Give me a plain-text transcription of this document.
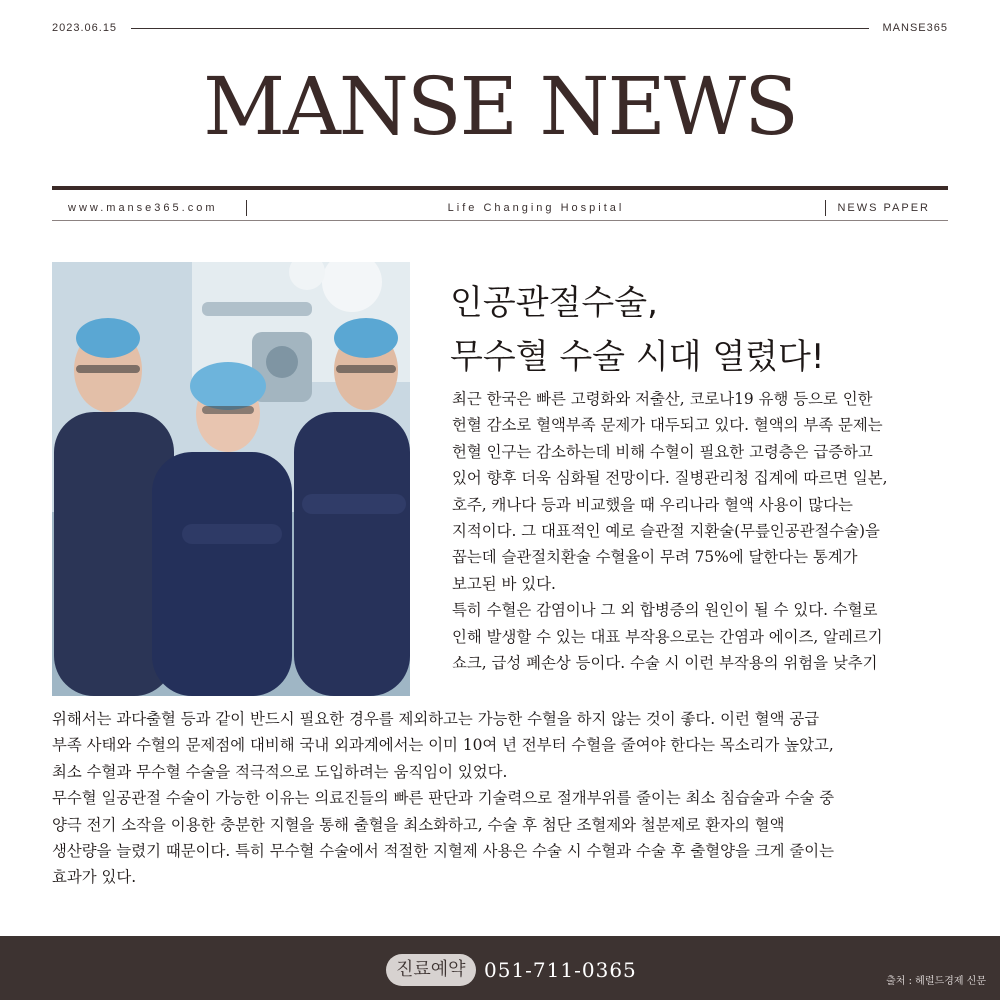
2023.06.15	MANSE365
MANSE NEWS
www.manse365.com	Life Changing Hospital	NEWS PAPER
인공관절수술,
무수혈 수술 시대 열렸다!
최근 한국은 빠른 고령화와 저출산, 코로나19 유행 등으로 인한
헌혈 감소로 혈액부족 문제가 대두되고 있다. 혈액의 부족 문제는
헌혈 인구는 감소하는데 비해 수혈이 필요한 고령층은 급증하고
있어 향후 더욱 심화될 전망이다. 질병관리청 집계에 따르면 일본,
호주, 캐나다 등과 비교했을 때 우리나라 혈액 사용이 많다는
지적이다. 그 대표적인 예로 슬관절 지환술(무릎인공관절수술)을
꼽는데 슬관절치환술 수혈율이 무려 75%에 달한다는 통계가
보고된 바 있다.
특히 수혈은 감염이나 그 외 합병증의 원인이 될 수 있다. 수혈로
인해 발생할 수 있는 대표 부작용으로는 간염과 에이즈, 알레르기
쇼크, 급성 폐손상 등이다. 수술 시 이런 부작용의 위험을 낮추기
위해서는 과다출혈 등과 같이 반드시 필요한 경우를 제외하고는 가능한 수혈을 하지 않는 것이 좋다. 이런 혈액 공급
부족 사태와 수혈의 문제점에 대비해 국내 외과계에서는 이미 10여 년 전부터 수혈을 줄여야 한다는 목소리가 높았고,
최소 수혈과 무수혈 수술을 적극적으로 도입하려는 움직임이 있었다.
무수혈 일공관절 수술이 가능한 이유는 의료진들의 빠른 판단과 기술력으로 절개부위를 줄이는 최소 침습술과 수술 중
양극 전기 소작을 이용한 충분한 지혈을 통해 출혈을 최소화하고, 수술 후 첨단 조혈제와 철분제로 환자의 혈액
생산량을 늘렸기 때문이다. 특히 무수혈 수술에서 적절한 지혈제 사용은 수술 시 수혈과 수술 후 출혈양을 크게 줄이는
효과가 있다.
진료예약 051-711-0365	출처 : 헤럴드경제 신문
